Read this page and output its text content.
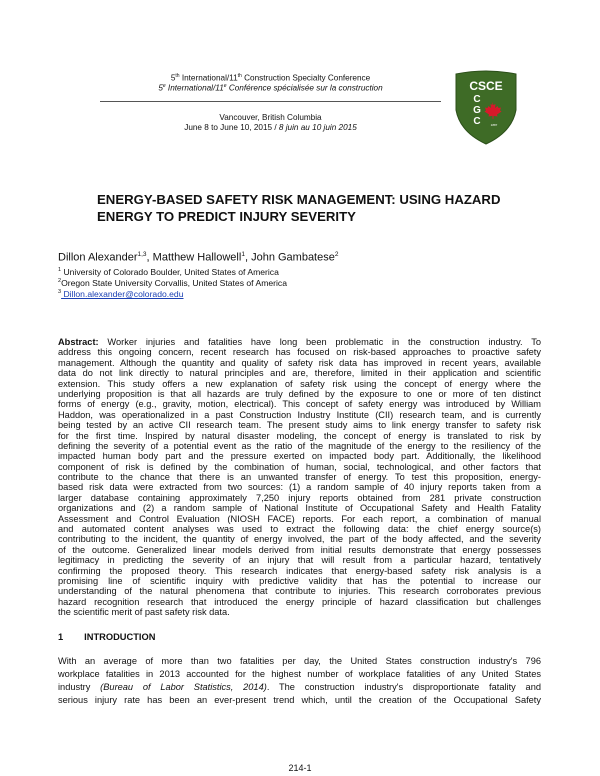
5th International/11th Construction Specialty Conference
5e International/11e Conférence spécialisée sur la construction
Vancouver, British Columbia
June 8 to June 10, 2015 / 8 juin au 10 juin 2015
CSCE
C
G
C	1887
ENERGY-BASED SAFETY RISK MANAGEMENT: USING HAZARD
ENERGY TO PREDICT INJURY SEVERITY
Dillon Alexander$^{1,3}$, Matthew Hallowell$^1$, John Gambatese$^2$
$^1$ University of Colorado Boulder, United States of America
$^2$Oregon State University Corvallis, United States of America
$^3$ Dillon.alexander@colorado.edu
Abstract: Worker injuries and fatalities have long been problematic in the construction industry. To
address this ongoing concern, recent research has focused on risk-based approaches to proactive safety
management. Although the quantity and quality of safety risk data has improved in recent years, available
data do not link directly to natural principles and are, therefore, limited in their application and scientific
extension. This study offers a new explanation of safety risk using the concept of energy where the
underlying proposition is that all hazards are truly defined by the exposure to one or more of ten distinct
forms of energy (e.g., gravity, motion, electrical). This concept of safety energy was introduced by William
Haddon, was operationalized in a past Construction Industry Institute (CII) research team, and is currently
being tested by an active CII research team. The present study aims to link energy transfer to safety risk
for the first time. Inspired by natural disaster modeling, the concept of energy is translated to risk by
defining the severity of a potential event as the ratio of the magnitude of the energy to the resiliency of the
impacted human body part and the pressure exerted on impacted body part. Additionally, the likelihood
component of risk is defined by the combination of human, social, technological, and other factors that
contribute to the chance that there is an unwanted transfer of energy. To test this proposition, energy-
based risk data were extracted from two sources: (1) a random sample of 40 injury reports taken from a
larger database containing approximately 7,250 injury reports obtained from 281 private construction
organizations and (2) a random sample of National Institute of Occupational Safety and Health Fatality
Assessment and Control Evaluation (NIOSH FACE) reports. For each report, a combination of manual
and automated content analyses was used to extract the following data: the chief energy source(s)
contributing to the incident, the quantity of energy involved, the part of the body affected, and the severity
of the outcome. Generalized linear models derived from initial results demonstrate that energy possesses
legitimacy in predicting the severity of an injury that will result from a particular hazard, tentatively
confirming the proposed theory. This research indicates that energy-based safety risk analysis is a
promising line of scientific inquiry with predictive validity that has the potential to increase our
understanding of the natural phenomena that contribute to injuries. This research corroborates previous
hazard recognition research that introduced the energy principle of hazard classification but challenges
the scientific merit of past safety risk data.
1 INTRODUCTION
With an average of more than two fatalities per day, the United States construction industry's 796
workplace fatalities in 2013 accounted for the highest number of workplace fatalities of any United States
industry (Bureau of Labor Statistics, 2014). The construction industry's disproportionate fatality and
serious injury rate has been an ever-present trend which, until the creation of the Occupational Safety
214-1
